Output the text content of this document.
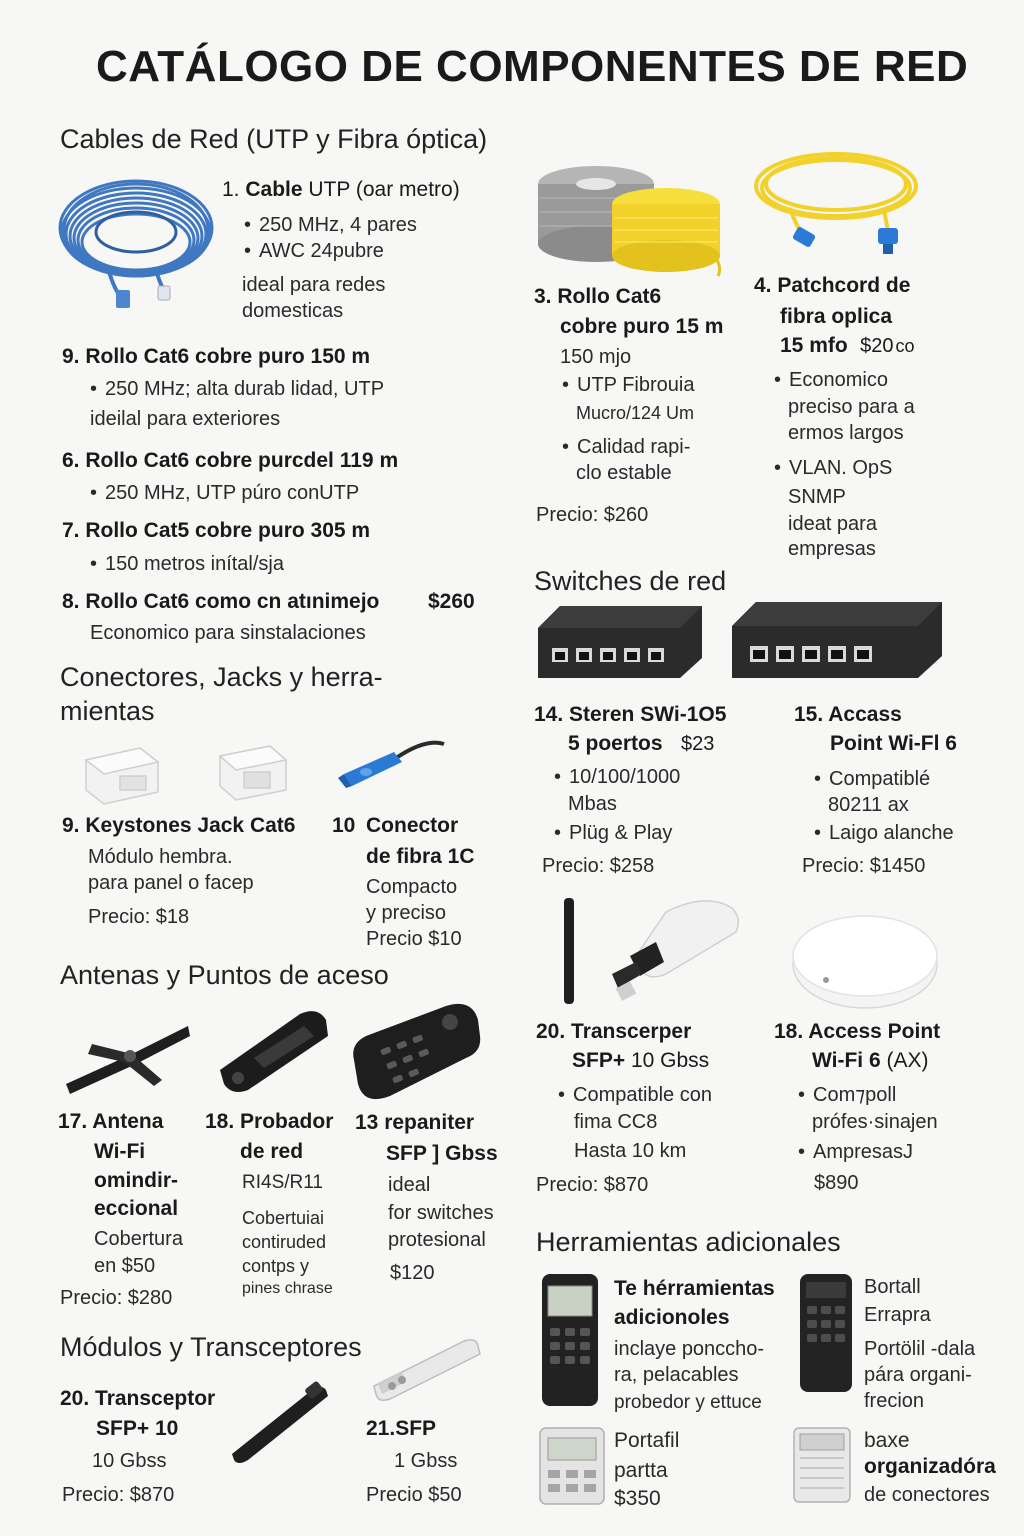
CATÁLOGO DE COMPONENTES DE RED
Cables de Red (UTP y Fibra óptica)
1. Cable UTP (oar metro)
• 250 MHz, 4 pares
• AWC 24pubre
ideal para redes
domesticas
9. Rollo Cat6 cobre puro 150 m
• 250 MHz; alta durab lidad, UTP
ideilal para exteriores
6. Rollo Cat6 cobre purcdel 119 m
• 250 MHz, UTP púro conUTP
7. Rollo Cat5 cobre puro 305 m
• 150 metros inítal/sja
8. Rollo Cat6 como cn atınimejo $260
Economico para sinstalaciones
Conectores, Jacks y herra-
mientas
9. Keystones Jack Cat6
Módulo hembra.
para panel o facep
Precio: $18
10 Conector
de fibra 1C
Compacto
y preciso
Precio $10
Antenas y Puntos de aceso
17. Antena
Wi-Fi
omindir-
eccional
Cobertura
en $50
Precio: $280
18. Probador
de red
RI4S/R11
Cobertuiai
contiruded
contps y
pines chrase
13 repaniter
SFP ] Gbss
ideal
for switches
protesional
$120
Módulos y Transceptores
20. Transceptor
SFP+ 10
10 Gbss
Precio: $870
21.SFP
1 Gbss
Precio $50
3. Rollo Cat6
cobre puro 15 m
150 mjo
• UTP Fibrouia
Mucro/124 Um
• Calidad rapi-
clo estable
Precio: $260
4. Patchcord de
fibra oplica
15 mfo $20 co
• Economico
preciso para a
ermos largos
• VLAN. OpS
SNMP
ideat para
empresas
Switches de red
14. Steren SWi-1O5
5 poertos $23
• 10/100/1000
Mbas
• Plüg & Play
Precio: $258
15. Accass
Point Wi-Fl 6
• Compatiblé
80211 ax
• Laigo alanche
Precio: $1450
20. Transcerper
SFP+ 10 Gbss
• Compatible con
fima CC8
Hasta 10 km
Precio: $870
18. Access Point
Wi-Fi 6 (AX)
• Com⁊poll
prófes·sinajen
• AmpresasJ
$890
Herramientas adicionales
Te hérramientas
adicionoles
inclaye poncchо-
ra, pelacables
probedor y ettuce
Bortall
Errapra
Portölil -dala
pára organi-
frecion
Portafil
partta
$350
baxe
organizadóra
de conectores
